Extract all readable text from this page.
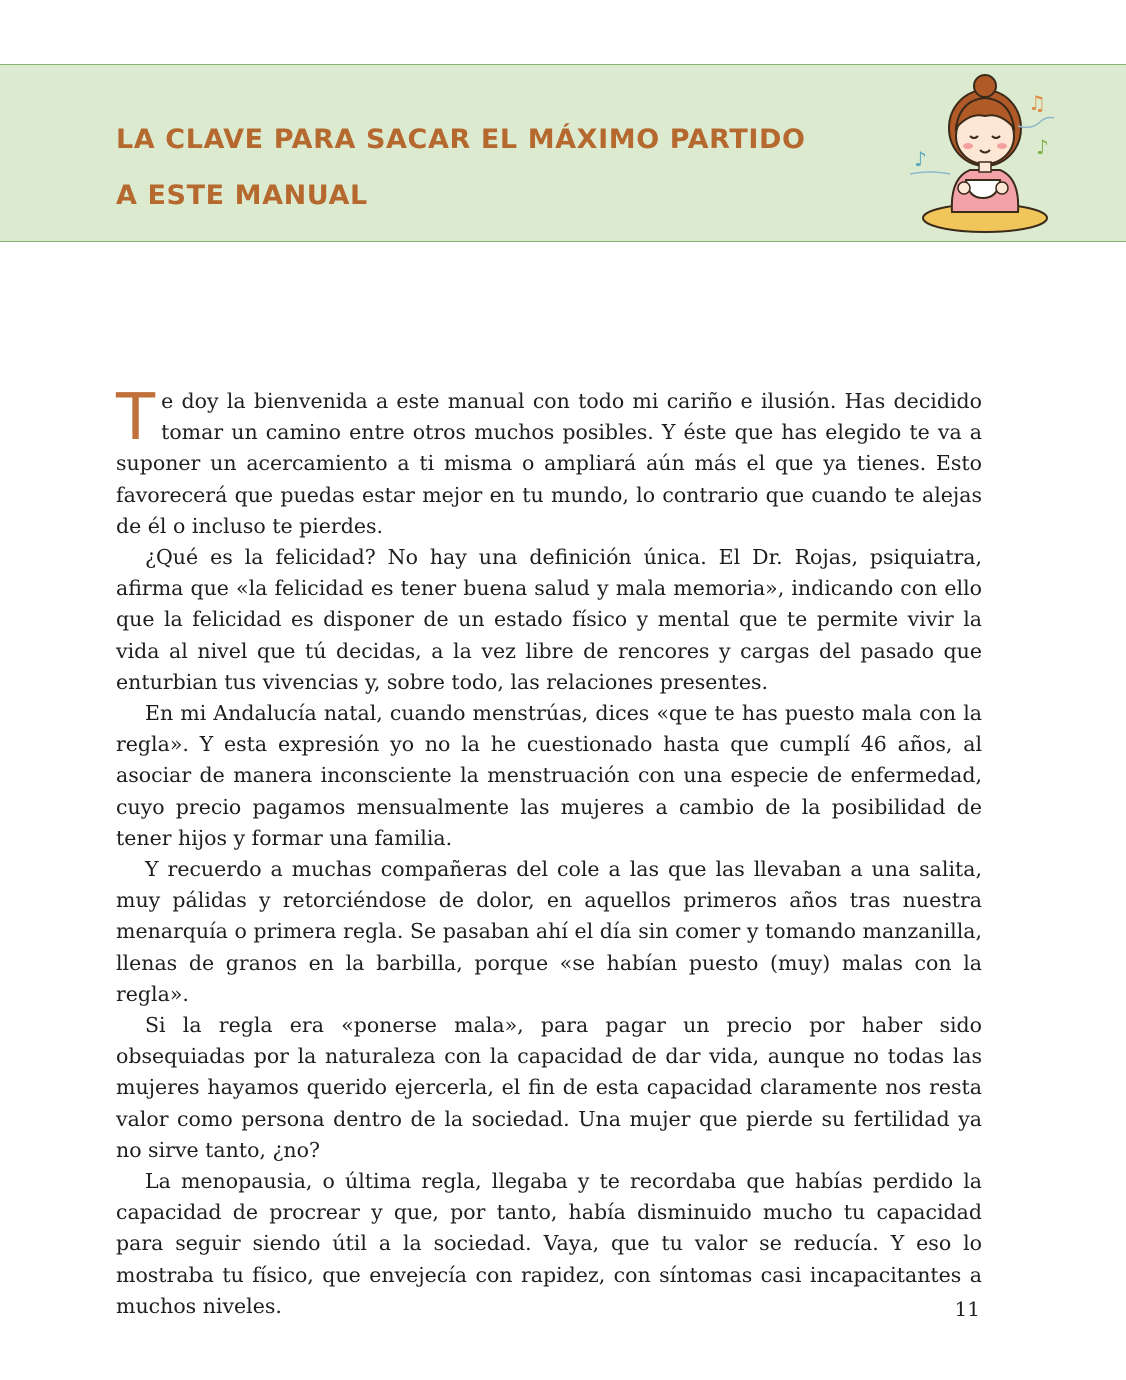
LA CLAVE PARA SACAR EL MÁXIMO PARTIDO
A ESTE MANUAL
♫
♪
♪

Te doy la bienvenida a este manual con todo mi cariño e ilusión. Has decidido tomar un camino entre otros muchos posibles. Y éste que has elegido te va a suponer un acercamiento a ti misma o ampliará aún más el que ya tienes. Esto favorecerá que puedas estar mejor en tu mundo, lo contrario que cuando te alejas de él o incluso te pierdes.

¿Qué es la felicidad? No hay una definición única. El Dr. Rojas, psiquiatra, afirma que «la felicidad es tener buena salud y mala memoria», indicando con ello que la felicidad es disponer de un estado físico y mental que te permite vivir la vida al nivel que tú decidas, a la vez libre de rencores y cargas del pasado que enturbian tus vivencias y, sobre todo, las relaciones presentes.

En mi Andalucía natal, cuando menstrúas, dices «que te has puesto mala con la regla». Y esta expresión yo no la he cuestionado hasta que cumplí 46 años, al asociar de manera inconsciente la menstruación con una especie de enfermedad, cuyo precio pagamos mensualmente las mujeres a cambio de la posibilidad de tener hijos y formar una familia.

Y recuerdo a muchas compañeras del cole a las que las llevaban a una salita, muy pálidas y retorciéndose de dolor, en aquellos primeros años tras nuestra menarquía o primera regla. Se pasaban ahí el día sin comer y tomando manzanilla, llenas de granos en la barbilla, porque «se habían puesto (muy) malas con la regla».

Si la regla era «ponerse mala», para pagar un precio por haber sido obsequiadas por la naturaleza con la capacidad de dar vida, aunque no todas las mujeres hayamos querido ejercerla, el fin de esta capacidad claramente nos resta valor como persona dentro de la sociedad. Una mujer que pierde su fertilidad ya no sirve tanto, ¿no?

La menopausia, o última regla, llegaba y te recordaba que habías perdido la capacidad de procrear y que, por tanto, había disminuido mucho tu capacidad para seguir siendo útil a la sociedad. Vaya, que tu valor se reducía. Y eso lo mostraba tu físico, que envejecía con rapidez, con síntomas casi incapacitantes a muchos niveles.	11
